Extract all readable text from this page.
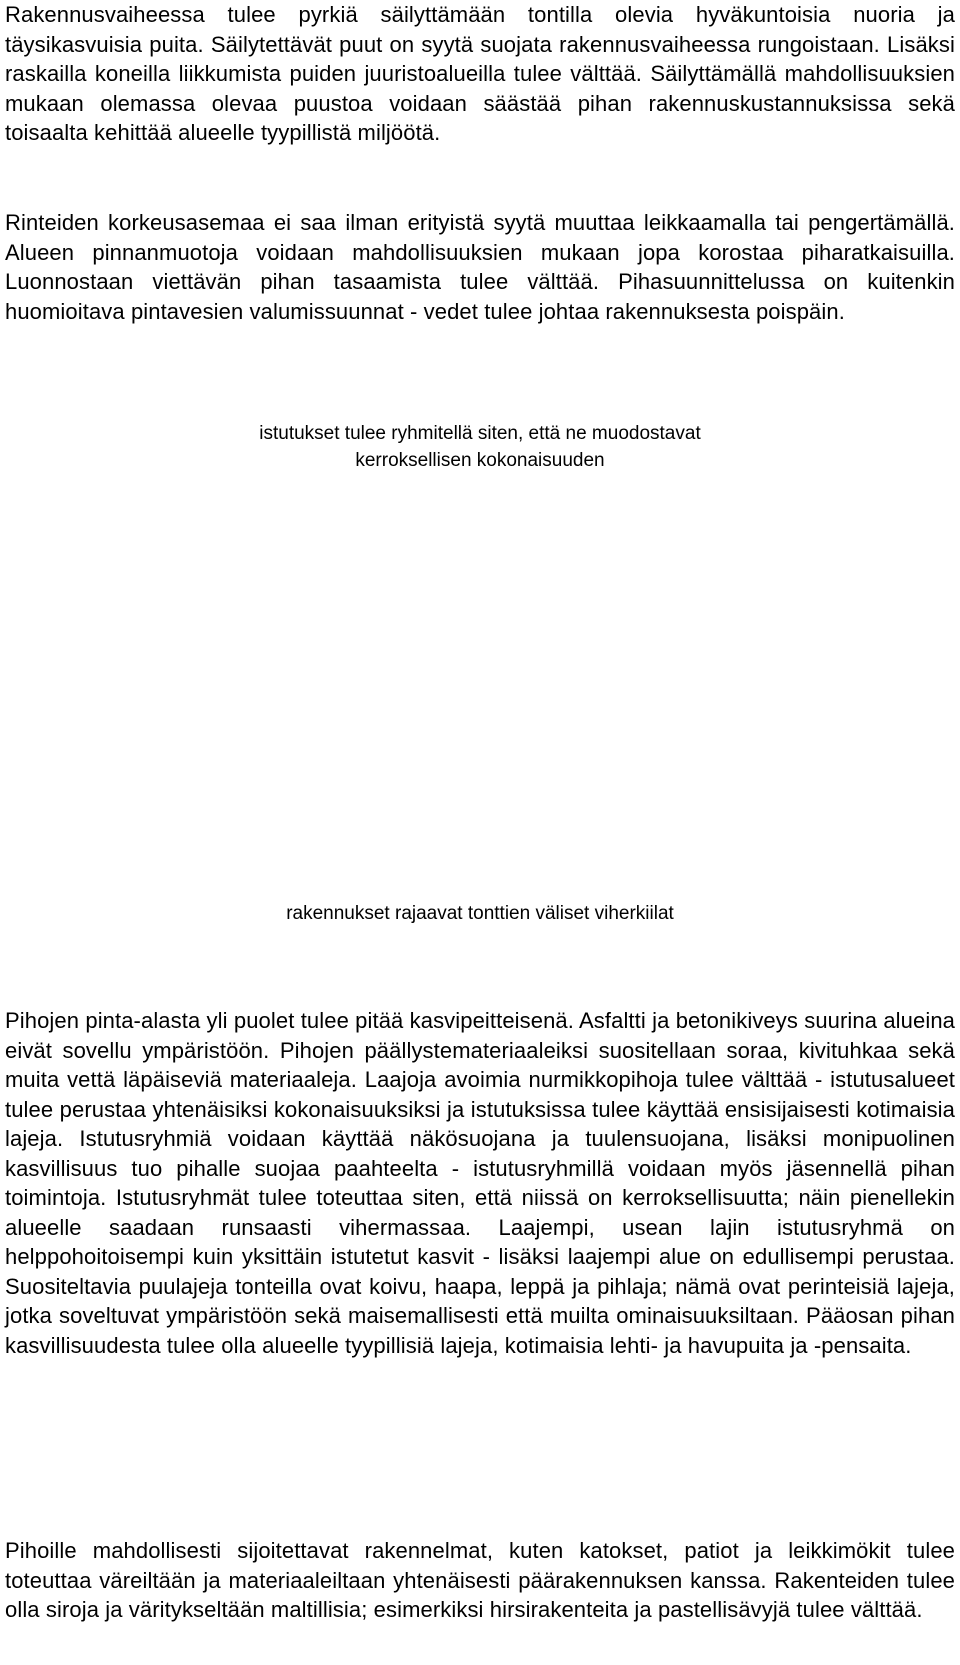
Rakennusvaiheessa tulee pyrkiä säilyttämään tontilla olevia hyväkuntoisia nuoria ja täysikasvuisia puita. Säilytettävät puut on syytä suojata rakennusvaiheessa rungoistaan. Lisäksi raskailla koneilla liikkumista puiden juuristoalueilla tulee välttää. Säilyttämällä mahdollisuuksien mukaan olemassa olevaa puustoa voidaan säästää pihan rakennuskustannuksissa sekä toisaalta kehittää alueelle tyypillistä miljöötä.

Rinteiden korkeusasemaa ei saa ilman erityistä syytä muuttaa leikkaamalla tai pengertämällä. Alueen pinnanmuotoja voidaan mahdollisuuksien mukaan jopa korostaa piharatkaisuilla. Luonnostaan viettävän pihan tasaamista tulee välttää. Pihasuunnittelussa on kuitenkin huomioitava pintavesien valumissuunnat - vedet tulee johtaa rakennuksesta poispäin.

istutukset tulee ryhmitellä siten, että ne muodostavat
kerroksellisen kokonaisuuden
rakennukset rajaavat tonttien väliset viherkiilat

Pihojen pinta-alasta yli puolet tulee pitää kasvipeitteisenä. Asfaltti ja betonikiveys suurina alueina eivät sovellu ympäristöön. Pihojen päällystemateriaaleiksi suositellaan soraa, kivituhkaa sekä muita vettä läpäiseviä materiaaleja. Laajoja avoimia nurmikkopihoja tulee välttää - istutusalueet tulee perustaa yhtenäisiksi kokonaisuuksiksi ja istutuksissa tulee käyttää ensisijaisesti kotimaisia lajeja. Istutusryhmiä voidaan käyttää näkösuojana ja tuulensuojana, lisäksi monipuolinen kasvillisuus tuo pihalle suojaa paahteelta - istutusryhmillä voidaan myös jäsennellä pihan toimintoja. Istutusryhmät tulee toteuttaa siten, että niissä on kerroksellisuutta; näin pienellekin alueelle saadaan runsaasti vihermassaa. Laajempi, usean lajin istutusryhmä on helppohoitoisempi kuin yksittäin istutetut kasvit - lisäksi laajempi alue on edullisempi perustaa. Suositeltavia puulajeja tonteilla ovat koivu, haapa, leppä ja pihlaja; nämä ovat perinteisiä lajeja, jotka soveltuvat ympäristöön sekä maisemallisesti että muilta ominaisuuksiltaan. Pääosan pihan kasvillisuudesta tulee olla alueelle tyypillisiä lajeja, kotimaisia lehti- ja havupuita ja -pensaita.

Pihoille mahdollisesti sijoitettavat rakennelmat, kuten katokset, patiot ja leikkimökit tulee toteuttaa väreiltään ja materiaaleiltaan yhtenäisesti päärakennuksen kanssa. Rakenteiden tulee olla siroja ja väritykseltään maltillisia; esimerkiksi hirsirakenteita ja pastellisävyjä tulee välttää.
